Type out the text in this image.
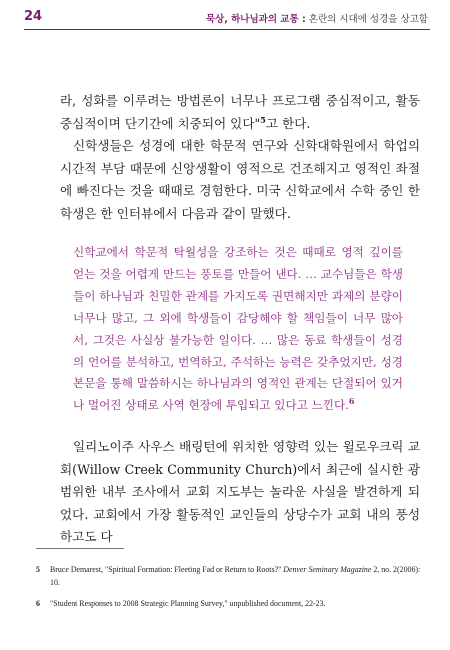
24	묵상, 하나님과의 교통 : 혼란의 시대에 성경을 상고함

라, 성화를 이루려는 방법론이 너무나 프로그램 중심적이고, 활동 중심적이며 단기간에 치중되어 있다"$^5$고 한다.

신학생들은 성경에 대한 학문적 연구와 신학대학원에서 학업의 시간적 부담 때문에 신앙생활이 영적으로 건조해지고 영적인 좌절에 빠진다는 것을 때때로 경험한다. 미국 신학교에서 수학 중인 한 학생은 한 인터뷰에서 다음과 같이 말했다.

신학교에서 학문적 탁월성을 강조하는 것은 때때로 영적 깊이를 얻는 것을 어렵게 만드는 풍토를 만들어 낸다. … 교수님들은 학생들이 하나님과 친밀한 관계를 가지도록 권면해지만 과제의 분량이 너무나 많고, 그 외에 학생들이 감당해야 할 책임들이 너무 많아서, 그것은 사실상 불가능한 일이다. … 많은 동료 학생들이 성경의 언어를 분석하고, 번역하고, 주석하는 능력은 갖추었지만, 성경 본문을 통해 말씀하시는 하나님과의 영적인 관계는 단절되어 있거나 멀어진 상태로 사역 현장에 투입되고 있다고 느낀다.$^6$

일리노이주 사우스 배링턴에 위치한 영향력 있는 윌로우크릭 교회(Willow Creek Community Church)에서 최근에 실시한 광범위한 내부 조사에서 교회 지도부는 놀라운 사실을 발견하게 되었다. 교회에서 가장 활동적인 교인들의 상당수가 교회 내의 풍성하고도 다

5 Bruce Demarest, "Spiritual Formation: Fleeting Fad or Return to Roots?" Denver Seminary Magazine 2, no. 2(2006): 10.

6 "Student Responses to 2008 Strategic Planning Survey," unpublished document, 22-23.
